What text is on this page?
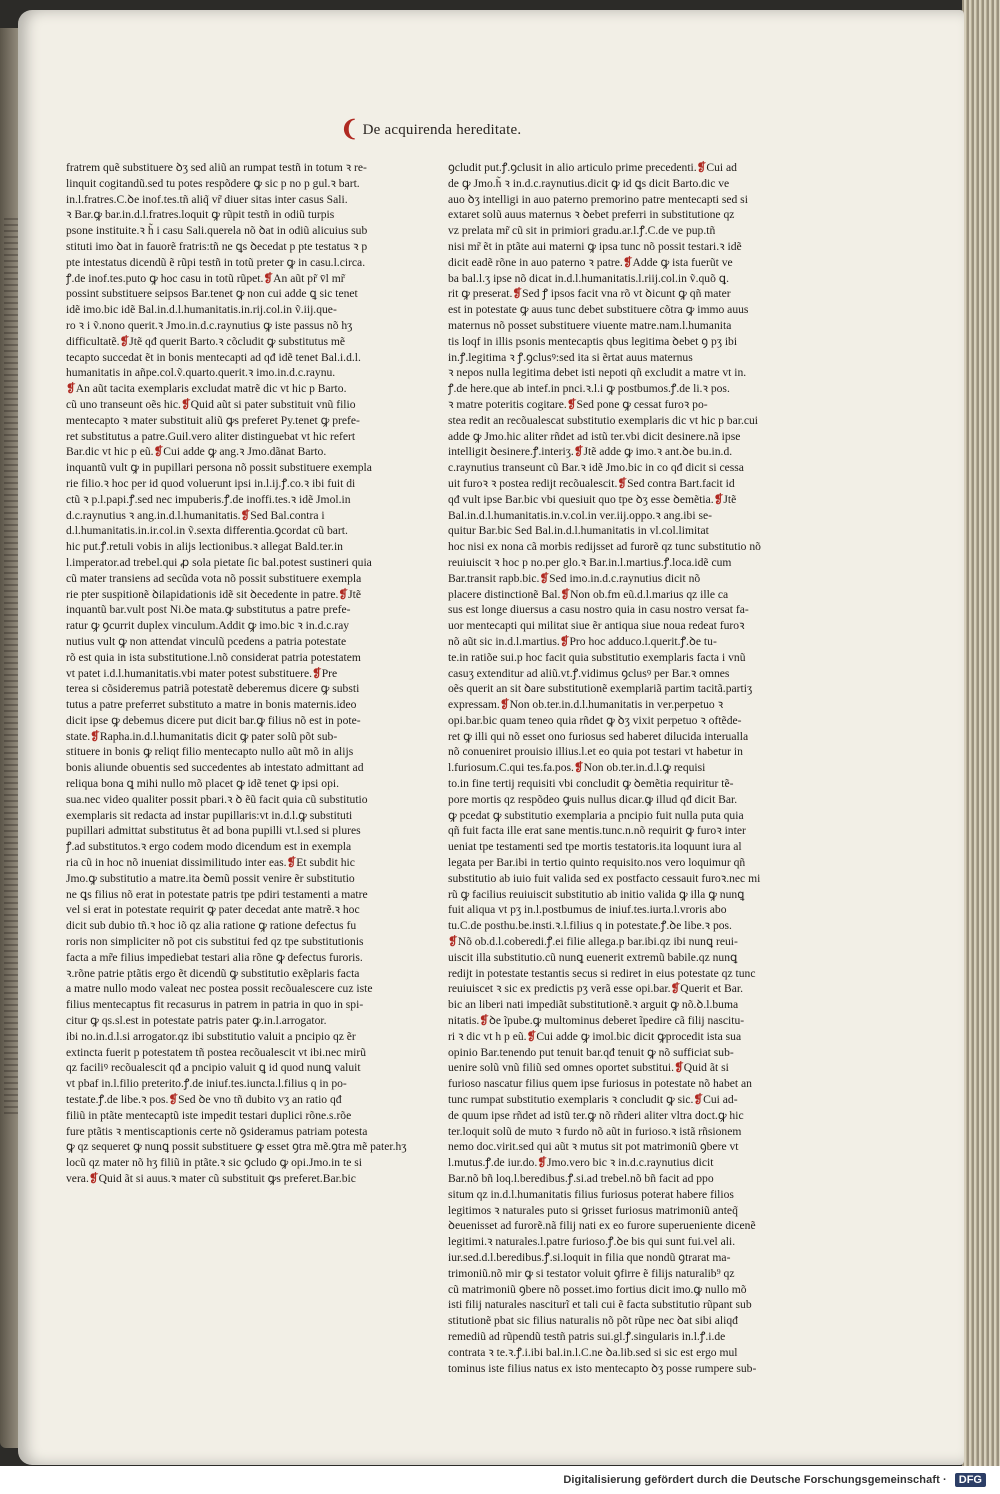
❨ De acquirenda hereditate.
fratrem quẽ substituere ꝺʒ sed aliũ an rumpat testñ in totum ꝛ re-
linquit cogitandũ.sed tu potes respõdere ꝙ sic p no p gul.ꝛ bart.
in.l.fratres.C.ꝺe inof.tes.tñ aliq̃ vr̃ diuer sitas inter casus Sali.
ꝛ Bar.ꝙ bar.in.d.l.fratres.loquit ꝙ rũpit testñ in odiũ turpis
psone instituite.ꝛ h̃ i casu Sali.querela nõ ꝺat in odiũ alicuius sub
stituti imo ꝺat in fauorẽ fratris:tñ ne ꝗs ꝺecedat p pte testatus ꝛ p
pte intestatus dicendũ ẽ rũpi testñ in totũ preter ꝙ in casu.l.circa.
ꝭ.de inof.tes.puto ꝙ hoc casu in totũ rũpet.❡An aũt pr̃ v̄l mr̃
possint substituere seipsos Bar.tenet ꝙ non cui adde ꝗ sic tenet
idẽ imo.bic idẽ Bal.in.d.l.humanitatis.in.rij.col.in ṽ.iij.que-
ro ꝛ i ṽ.nono querit.ꝛ Jmo.in.d.c.raynutius ꝙ iste passus nõ hʒ
difficultatẽ.❡Jtẽ qđ querit Barto.ꝛ cõcludit ꝙ substitutus mẽ
tecapto succedat ẽt in bonis mentecapti ad qđ idẽ tenet Bal.i.d.l.
humanitatis in añpe.col.ṽ.quarto.querit.ꝛ imo.in.d.c.raynu.
❡An aũt tacita exemplaris excludat matrẽ dic vt hic p Barto.
cũ uno transeunt oẽs hic.❡Quid aũt si pater substituit vnũ filio
mentecapto ꝛ mater substituit aliũ ꝙs preferet Py.tenet ꝙ prefe-
ret substitutus a patre.Guil.vero aliter distinguebat vt hic refert
Bar.dic vt hic p eũ.❡Cui adde ꝙ ang.ꝛ Jmo.dãnat Barto.
inquantũ vult ꝙ in pupillari persona nõ possit substituere exempla
rie filio.ꝛ hoc per id quod voluerunt ipsi in.l.ij.ꝭ.co.ꝛ ibi fuit di
ctũ ꝛ p.l.papi.ꝭ.sed nec impuberis.ꝭ.de inoffi.tes.ꝛ idẽ Jmol.in
d.c.raynutius ꝛ ang.in.d.l.humanitatis.❡Sed Bal.contra i
d.l.humanitatis.in.ir.col.in ṽ.sexta differentia.ꝯcordat cũ bart.
hic put.ꝭ.retuli vobis in alijs lectionibus.ꝛ allegat Bald.ter.in
l.imperator.ad trebel.qui ꝓ sola pietate ſic bal.potest sustineri quia
cũ mater transiens ad secũda vota nõ possit substituere exempla
rie pter suspitionẽ ꝺilapidationis idẽ sit ꝺecedente in patre.❡Jtẽ
inquantũ bar.vult post Ni.ꝺe mata.ꝙ substitutus a patre prefe-
ratur ꝙ ꝯcurrit duplex vinculum.Addit ꝙ imo.bic ꝛ in.d.c.ray
nutius vult ꝙ non attendat vinculũ pcedens a patria potestate
rõ est quia in ista substitutione.l.nõ considerat patria potestatem
vt patet i.d.l.humanitatis.vbi mater potest substituere.❡Pre
terea si cõsideremus patriã potestatẽ deberemus dicere ꝙ substi
tutus a patre preferret substituto a matre in bonis maternis.ideo
dicit ipse ꝙ debemus dicere put dicit bar.ꝙ filius nõ est in pote-
state.❡Rapha.in.d.l.humanitatis dicit ꝙ pater solũ põt sub-
stituere in bonis ꝙ reliqt filio mentecapto nullo aũt mõ in alijs
bonis aliunde obuentis sed succedentes ab intestato admittant ad
reliqua bona ꝗ mihi nullo mõ placet ꝙ idẽ tenet ꝙ ipsi opi.
sua.nec video qualiter possit pbari.ꝛ ꝺ ẽũ facit quia cũ substitutio
exemplaris sit redacta ad instar pupillaris:vt in.d.l.ꝙ substituti
pupillari admittat substitutus ẽt ad bona pupilli vt.l.sed si plures
ꝭ.ad substitutos.ꝛ ergo codem modo dicendum est in exempla
ria cũ in hoc nõ inueniat dissimilitudo inter eas.❡Et subdit hic
Jmo.ꝙ substitutio a matre.ita ꝺemũ possit venire ẽr substitutio
ne ꝗs filius nõ erat in potestate patris tpe pdiri testamenti a matre
vel si erat in potestate requirit ꝙ pater decedat ante matrẽ.ꝛ hoc
dicit sub dubio tñ.ꝛ hoc iõ qz alia ratione ꝙ ratione defectus fu
roris non simpliciter nõ pot cis substitui fed qz tpe substitutionis
facta a mr̃e filius impediebat testari alia rõne ꝙ defectus furoris.
ꝛ.rõne patrie ptãtis ergo ẽt dicendũ ꝙ substitutio exẽplaris facta
a matre nullo modo valeat nec postea possit recõualescere cuz iste
filius mentecaptus fit recasurus in patrem in patria in quo in spi-
citur ꝙ qs.sl.est in potestate patris pater ꝙ.in.l.arrogator.
ibi no.in.d.l.si arrogator.qz ibi substitutio valuit a pncipio qz ẽr
extincta fuerit p potestatem tñ postea recõualescit vt ibi.nec mirũ
qz faciliꝰ recõualescit qđ a pncipio valuit ꝗ id quod nunꝗ valuit
vt pbaf in.l.filio preterito.ꝭ.de iniuf.tes.iuncta.l.filius q in po-
testate.ꝭ.de libe.ꝛ pos.❡Sed ꝺe vno tñ dubito vʒ an ratio qđ
filiũ in ptãte mentecaptũ iste impedit testari duplici rõne.s.rõe
fure ptãtis ꝛ mentiscaptionis certe nõ ꝯsideramus patriam potesta
ꝙ qz sequeret ꝙ nunꝗ possit substituere ꝙ esset ꝯtra mẽ.ꝯtra mẽ pater.hʒ
locũ qz mater nõ hʒ filiũ in ptãte.ꝛ sic ꝯcludo ꝙ opi.Jmo.in te si
vera.❡Quid ãt si auus.ꝛ mater cũ substituit ꝙs preferet.Bar.bic
ꝯcludit put.ꝭ.ꝯclusit in alio articulo prime precedenti.❡Cui ad
de ꝙ Jmo.h̃ ꝛ in.d.c.raynutius.dicit ꝙ id ꝗs dicit Barto.dic ve
auo ꝺʒ intelligi in auo paterno premorino patre mentecapti sed si
extaret solũ auus maternus ꝛ ꝺebet preferri in substitutione qz
vz prelata mr̃ cũ sit in primiori gradu.ar.l.ꝭ.C.de ve pup.tñ
nisi mr̃ ẽt in ptãte aui materni ꝙ ipsa tunc nõ possit testari.ꝛ idẽ
dicit eadẽ rõne in auo paterno ꝛ patre.❡Adde ꝙ ista fuerũt ve
ba bal.l.ʒ ipse nõ dicat in.d.l.humanitatis.l.riij.col.in ṽ.quõ ꝗ.
rit ꝙ preserat.❡Sed ꝭ ipsos facit vna rõ vt ꝺicunt ꝙ qñ mater
est in potestate ꝙ auus tunc debet substituere cõtra ꝙ immo auus
maternus nõ posset substituere viuente matre.nam.l.humanita
tis loqf in illis psonis mentecaptis qbus legitima ꝺebet ꝯ pʒ ibi
in.ꝭ.legitima ꝛ ꝭ.ꝯclusꝰ:sed ita si ẽrtat auus maternus
ꝛ nepos nulla legitima debet isti nepoti qñ excludit a matre vt in.
ꝭ.de here.que ab intef.in pnci.ꝛ.l.i ꝙ postbumos.ꝭ.de li.ꝛ pos.
ꝛ matre poteritis cogitare.❡Sed pone ꝙ cessat furoꝛ po-
stea redit an recõualescat substitutio exemplaris dic vt hic p bar.cui
adde ꝙ Jmo.hic aliter rñdet ad istũ ter.vbi dicit desinere.nã ipse
intelligit ꝺesinere.ꝭ.interiʒ.❡Jtẽ adde ꝙ imo.ꝛ ant.ꝺe bu.in.d.
c.raynutius transeunt cũ Bar.ꝛ idẽ Jmo.bic in co qđ dicit si cessa
uit furoꝛ ꝛ postea redijt recõualescit.❡Sed contra Bart.facit id
qđ vult ipse Bar.bic vbi quesiuit quo tpe ꝺʒ esse ꝺemẽtia.❡Jtẽ
Bal.in.d.l.humanitatis.in.v.col.in ver.iij.oppo.ꝛ ang.ibi se-
quitur Bar.bic Sed Bal.in.d.l.humanitatis in vl.col.limitat
hoc nisi ex nona cã morbis redijsset ad furorẽ qz tunc substitutio nõ
reuiuiscit ꝛ hoc p no.per glo.ꝛ Bar.in.l.martius.ꝭ.loca.idẽ cum
Bar.transit rapb.bic.❡Sed imo.in.d.c.raynutius dicit nõ
placere distinctionẽ Bal.❡Non ob.fm eũ.d.l.marius qz ille ca
sus est longe diuersus a casu nostro quia in casu nostro versat fa-
uor mentecapti qui militat siue ẽr antiqua siue noua redeat furoꝛ
nõ aũt sic in.d.l.martius.❡Pro hoc adduco.l.querit.ꝭ.ꝺe tu-
te.in ratiõe sui.p hoc facit quia substitutio exemplaris facta i vnũ
casuʒ extenditur ad aliũ.vt.ꝭ.vidimus ꝯclusꝰ per Bar.ꝛ omnes
oẽs querit an sit ꝺare substitutionẽ exemplariã partim tacitã.partiʒ
expressam.❡Non ob.ter.in.d.l.humanitatis in ver.perpetuo ꝛ
opi.bar.bic quam teneo quia rñdet ꝙ ꝺʒ vixit perpetuo ꝛ oftẽde-
ret ꝙ illi qui nõ esset ono furiosus sed haberet dilucida interualla
nõ conueniret prouisio illius.l.et eo quia pot testari vt habetur in
l.furiosum.C.qui tes.fa.pos.❡Non ob.ter.in.d.l.ꝙ requisi
to.in fine tertij requisiti vbi concludit ꝙ ꝺemẽtia requiritur tẽ-
pore mortis qz respõdeo ꝙuis nullus dicar.ꝙ illud qđ dicit Bar.
ꝙ pcedat ꝙ substitutio exemplaria a pncipio fuit nulla puta quia
qñ fuit facta ille erat sane mentis.tunc.n.nõ requirit ꝙ furoꝛ inter
ueniat tpe testamenti sed tpe mortis testatoris.ita loquunt iura al
legata per Bar.ibi in tertio quinto requisito.nos vero loquimur qñ
substitutio ab iuio fuit valida sed ex postfacto cessauit furoꝛ.nec mi
rũ ꝙ facilius reuiuiscit substitutio ab initio valida ꝙ illa ꝙ nunꝗ
fuit aliqua vt pʒ in.l.postbumus de iniuf.tes.iurta.l.vroris abo
tu.C.de posthu.be.insti.ꝛ.l.filius q in potestate.ꝭ.ꝺe libe.ꝛ pos.
❡Nõ ob.d.l.coberedi.ꝭ.ei filie allega.p bar.ibi.qz ibi nunꝗ reui-
uiscit illa substitutio.cũ nunꝗ euenerit extremũ babile.qz nunꝗ
redijt in potestate testantis secus si rediret in eius potestate qz tunc
reuiuiscet ꝛ sic ex predictis pʒ verã esse opi.bar.❡Querit et Bar.
bic an liberi nati impediãt substitutionẽ.ꝛ arguit ꝙ nõ.ꝺ.l.buma
nitatis.❡ꝺe ĩpube.ꝙ multominus deberet ĩpedire cã filij nascitu-
ri ꝛ dic vt h p eũ.❡Cui adde ꝙ imol.bic dicit ꝙprocedit ista sua
opinio Bar.tenendo put tenuit bar.qđ tenuit ꝙ nõ sufficiat sub-
uenire solũ vnũ filiũ sed omnes oportet substitui.❡Quid ãt si
furioso nascatur filius quem ipse furiosus in potestate nõ habet an
tunc rumpat substitutio exemplaris ꝛ concludit ꝙ sic.❡Cui ad-
de quum ipse rñdet ad istũ ter.ꝙ nõ rñderi aliter vltra doct.ꝙ hic
ter.loquit solũ de muto ꝛ furdo nõ aũt in furioso.ꝛ istã rñsionem
nemo doc.virit.sed qui aũt ꝛ mutus sit pot matrimoniũ ꝯbere vt
l.mutus.ꝭ.de iur.do.❡Jmo.vero bic ꝛ in.d.c.raynutius dicit
Bar.nõ bñ loq.l.beredibus.ꝭ.si.ad trebel.nõ bñ facit ad ppo
situm qz in.d.l.humanitatis filius furiosus poterat habere filios
legitimos ꝛ naturales puto si ꝯrisset furiosus matrimoniũ anteq̃
ꝺeuenisset ad furorẽ.nã filij nati ex eo furore superueniente dicenẽ
legitimi.ꝛ naturales.l.patre furioso.ꝭ.ꝺe bis qui sunt fui.vel ali.
iur.sed.d.l.beredibus.ꝭ.si.loquit in filia que nondũ ꝯtrarat ma-
trimoniũ.nõ mir ꝙ si testator voluit ꝯfirre ẽ filijs naturalib⁹ qz
cũ matrimoniũ ꝯbere nõ posset.imo fortius dicit imo.ꝙ nullo mõ
isti filij naturales nasciturĩ et tali cui ẽ facta substitutio rũpant sub
stitutionẽ pbat sic filius naturalis nõ põt rũpe nec ꝺat sibi aliqđ
remediũ ad rũpendũ testñ patris sui.gl.ꝭ.singularis in.l.ꝭ.i.de
contrata ꝛ te.ꝛ.ꝭ.i.ibi bal.in.l.C.ne ꝺa.lib.sed si sic est ergo mul
tominus iste filius natus ex isto mentecapto ꝺʒ posse rumpere sub-
Digitalisierung gefördert durch die Deutsche Forschungsgemeinschaft ·	DFG
